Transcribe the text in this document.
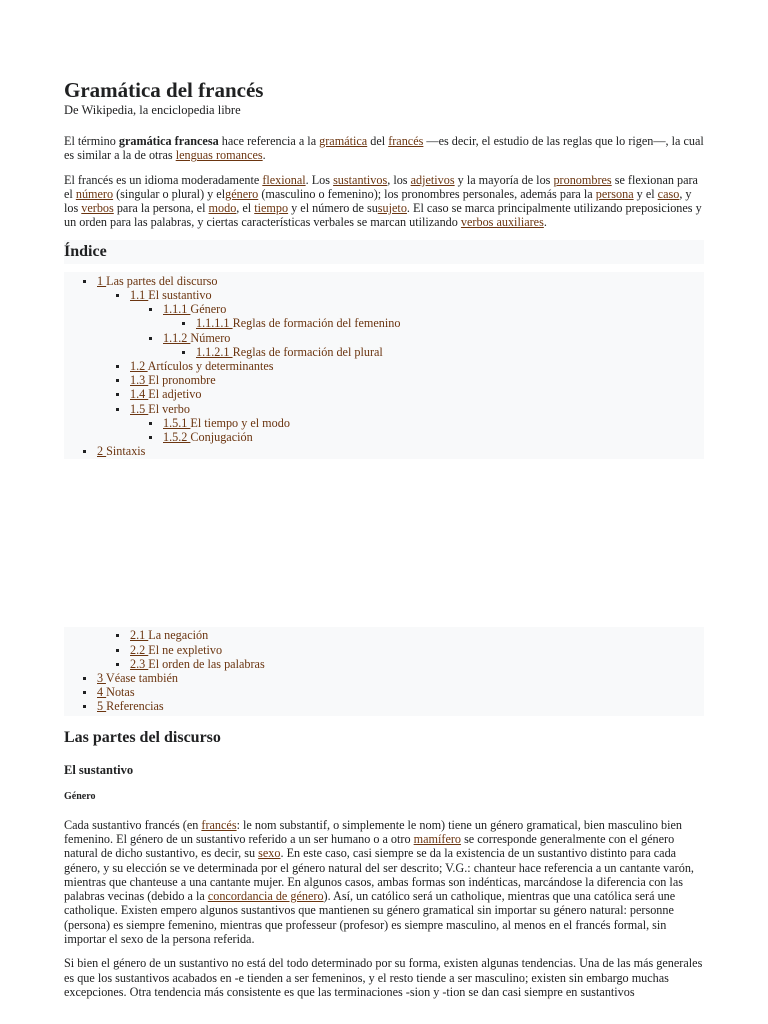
Gramática del francés
De Wikipedia, la enciclopedia libre

El término gramática francesa hace referencia a la gramática del francés —es decir, el estudio de las reglas que lo rigen—, la cual es similar a la de otras lenguas romances.

El francés es un idioma moderadamente flexional. Los sustantivos, los adjetivos y la mayoría de los pronombres se flexionan para el número (singular o plural) y elgénero (masculino o femenino); los pronombres personales, además para la persona y el caso, y los verbos para la persona, el modo, el tiempo y el número de susujeto. El caso se marca principalmente utilizando preposiciones y un orden para las palabras, y ciertas características verbales se marcan utilizando verbos auxiliares.

Índice
1 Las partes del discurso
1.1 El sustantivo
1.1.1 Género
1.1.1.1 Reglas de formación del femenino
1.1.2 Número
1.1.2.1 Reglas de formación del plural
1.2 Artículos y determinantes
1.3 El pronombre
1.4 El adjetivo
1.5 El verbo
1.5.1 El tiempo y el modo
1.5.2 Conjugación
2 Sintaxis
2.1 La negación
2.2 El ne expletivo
2.3 El orden de las palabras
3 Véase también
4 Notas
5 Referencias
Las partes del discurso
El sustantivo
Género

Cada sustantivo francés (en francés: le nom substantif, o simplemente le nom) tiene un género gramatical, bien masculino bien femenino. El género de un sustantivo referido a un ser humano o a otro mamífero se corresponde generalmente con el género natural de dicho sustantivo, es decir, su sexo. En este caso, casi siempre se da la existencia de un sustantivo distinto para cada género, y su elección se ve determinada por el género natural del ser descrito; V.G.: chanteur hace referencia a un cantante varón, mientras que chanteuse a una cantante mujer. En algunos casos, ambas formas son indénticas, marcándose la diferencia con las palabras vecinas (debido a la concordancia de género). Así, un católico será un catholique, mientras que una católica será une catholique. Existen empero algunos sustantivos que mantienen su género gramatical sin importar su género natural: personne (persona) es siempre femenino, mientras que professeur (profesor) es siempre masculino, al menos en el francés formal, sin importar el sexo de la persona referida.

Si bien el género de un sustantivo no está del todo determinado por su forma, existen algunas tendencias. Una de las más generales es que los sustantivos acabados en -e tienden a ser femeninos, y el resto tiende a ser masculino; existen sin embargo muchas excepciones. Otra tendencia más consistente es que las terminaciones -sion y -tion se dan casi siempre en sustantivos
